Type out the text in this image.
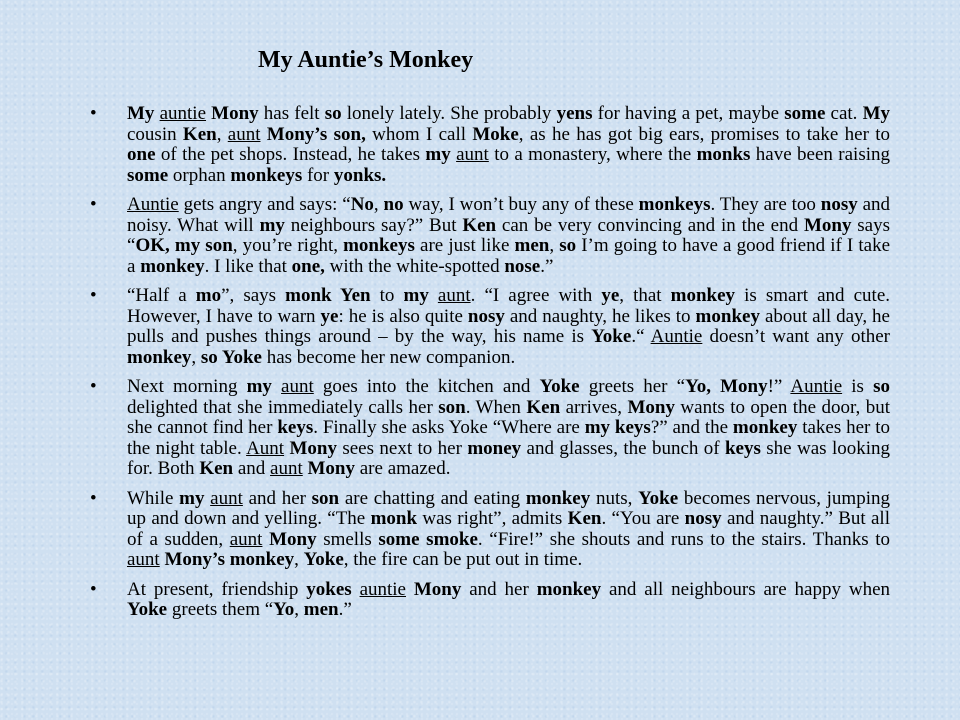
My Auntie’s Monkey
• My auntie Mony has felt so lonely lately. She probably yens for having a pet, maybe some cat. My cousin Ken, aunt Mony’s son, whom I call Moke, as he has got big ears, promises to take her to one of the pet shops. Instead, he takes my aunt to a monastery, where the monks have been raising some orphan monkeys for yonks.
• Auntie gets angry and says: “No, no way, I won’t buy any of these monkeys. They are too nosy and noisy. What will my neighbours say?” But Ken can be very convincing and in the end Mony says “OK, my son, you’re right, monkeys are just like men, so I’m going to have a good friend if I take a monkey. I like that one, with the white-spotted nose.”
• “Half a mo”, says monk Yen to my aunt. “I agree with ye, that monkey is smart and cute. However, I have to warn ye: he is also quite nosy and naughty, he likes to monkey about all day, he pulls and pushes things around – by the way, his name is Yoke.“ Auntie doesn’t want any other monkey, so Yoke has become her new companion.
• Next morning my aunt goes into the kitchen and Yoke greets her “Yo, Mony!” Auntie is so delighted that she immediately calls her son. When Ken arrives, Mony wants to open the door, but she cannot find her keys. Finally she asks Yoke “Where are my keys?” and the monkey takes her to the night table. Aunt Mony sees next to her money and glasses, the bunch of keys she was looking for. Both Ken and aunt Mony are amazed.
• While my aunt and her son are chatting and eating monkey nuts, Yoke becomes nervous, jumping up and down and yelling. “The monk was right”, admits Ken. “You are nosy and naughty.” But all of a sudden, aunt Mony smells some smoke. “Fire!” she shouts and runs to the stairs. Thanks to aunt Mony’s monkey, Yoke, the fire can be put out in time.
• At present, friendship yokes auntie Mony and her monkey and all neighbours are happy when Yoke greets them “Yo, men.”
